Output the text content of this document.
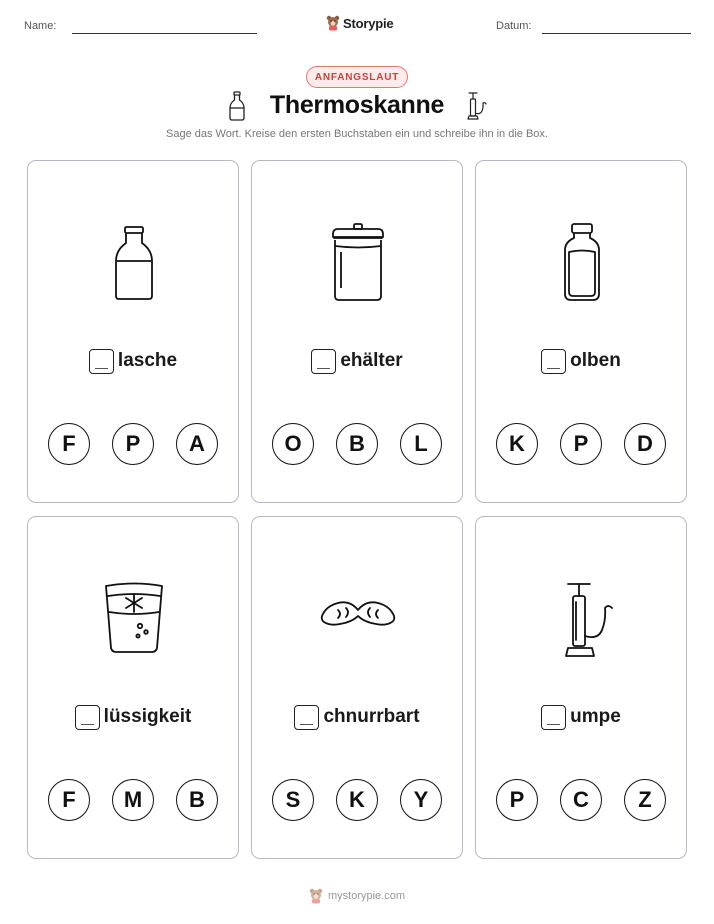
Name:	Storypie	Datum:
ANFANGSLAUT
Thermoskanne
Sage das Wort. Kreise den ersten Buchstaben ein und schreibe ihn in die Box.
lasche
F	P	A
ehälter
O	B	L
olben
K	P	D
lüssigkeit
F	M	B
chnurrbart
S	K	Y
umpe
P	C	Z
mystorypie.com
